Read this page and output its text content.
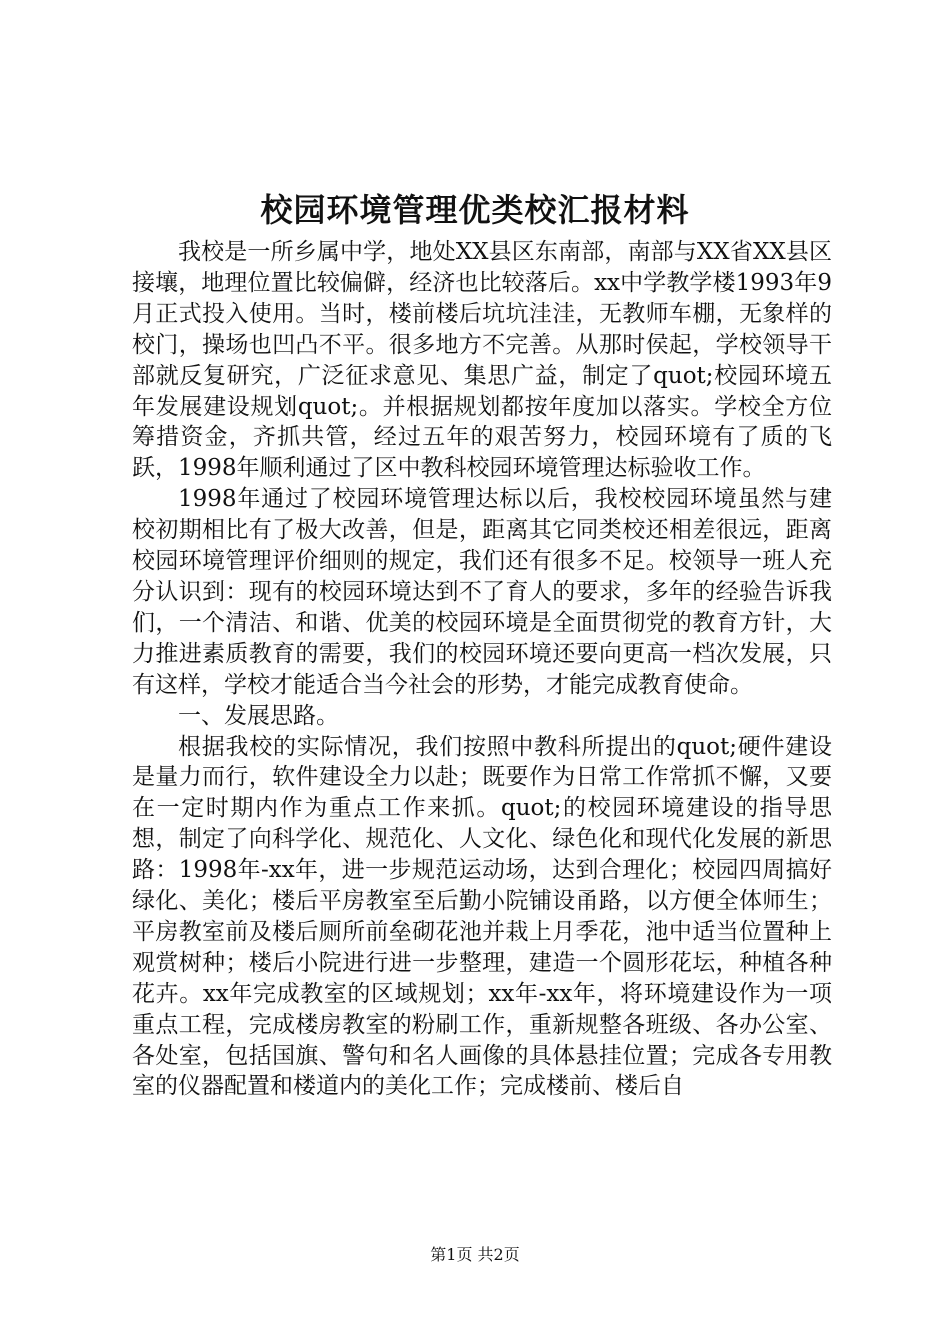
校园环境管理优类校汇报材料

我校是一所乡属中学，地处XX县区东南部，南部与XX省XX县区接壤，地理位置比较偏僻，经济也比较落后。xx中学教学楼1993年9月正式投入使用。当时，楼前楼后坑坑洼洼，无教师车棚，无象样的校门，操场也凹凸不平。很多地方不完善。从那时侯起，学校领导干部就反复研究，广泛征求意见、集思广益，制定了quot;校园环境五年发展建设规划quot;。并根据规划都按年度加以落实。学校全方位筹措资金，齐抓共管，经过五年的艰苦努力，校园环境有了质的飞跃，1998年顺利通过了区中教科校园环境管理达标验收工作。

1998年通过了校园环境管理达标以后，我校校园环境虽然与建校初期相比有了极大改善，但是，距离其它同类校还相差很远，距离校园环境管理评价细则的规定，我们还有很多不足。校领导一班人充分认识到：现有的校园环境达到不了育人的要求，多年的经验告诉我们，一个清洁、和谐、优美的校园环境是全面贯彻党的教育方针，大力推进素质教育的需要，我们的校园环境还要向更高一档次发展，只有这样，学校才能适合当今社会的形势，才能完成教育使命。

一、发展思路。

根据我校的实际情况，我们按照中教科所提出的quot;硬件建设是量力而行，软件建设全力以赴；既要作为日常工作常抓不懈，又要在一定时期内作为重点工作来抓。quot;的校园环境建设的指导思想，制定了向科学化、规范化、人文化、绿色化和现代化发展的新思路：1998年-xx年，进一步规范运动场，达到合理化；校园四周搞好绿化、美化；楼后平房教室至后勤小院铺设甬路，以方便全体师生；平房教室前及楼后厕所前垒砌花池并栽上月季花，池中适当位置种上观赏树种；楼后小院进行进一步整理，建造一个圆形花坛，种植各种花卉。xx年完成教室的区域规划；xx年-xx年，将环境建设作为一项重点工程，完成楼房教室的粉刷工作，重新规整各班级、各办公室、各处室，包括国旗、警句和名人画像的具体悬挂位置；完成各专用教室的仪器配置和楼道内的美化工作；完成楼前、楼后自

第1页 共2页
